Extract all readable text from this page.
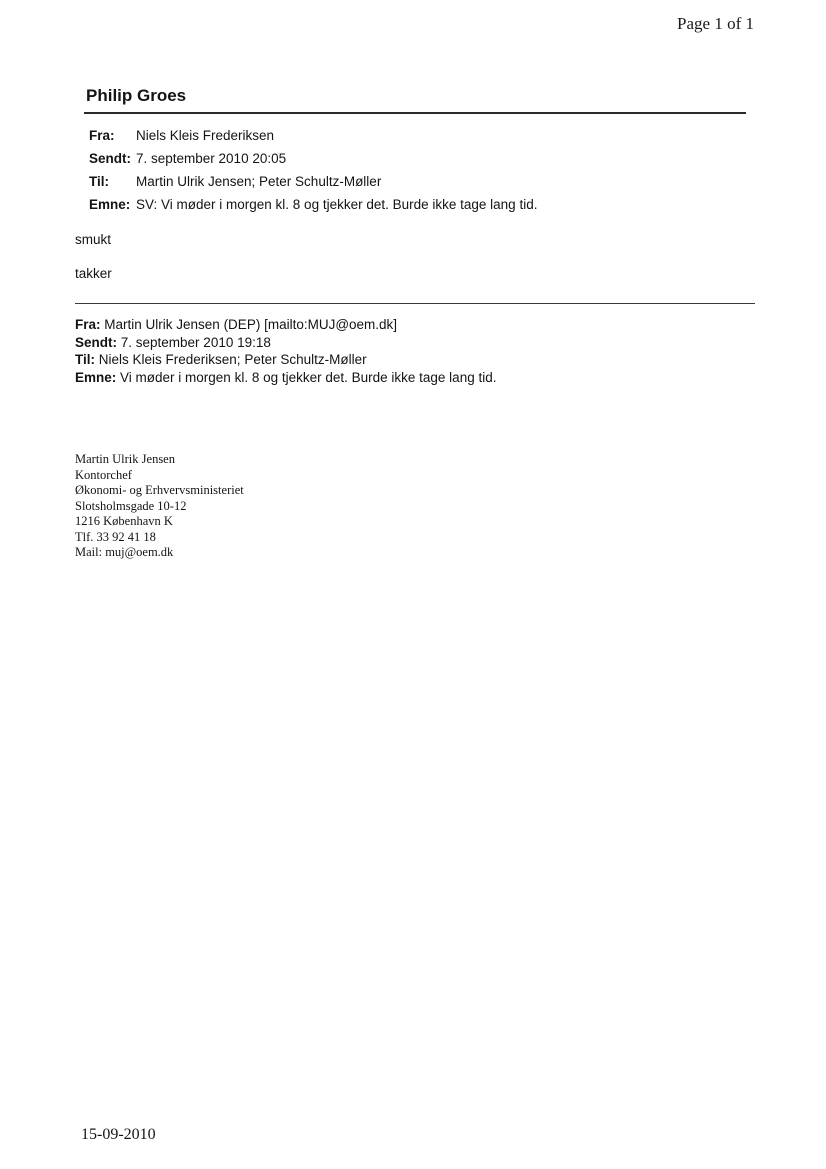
Page 1 of 1
Philip Groes
Fra:	Niels Kleis Frederiksen
Sendt: 7. september 2010 20:05
Til:	Martin Ulrik Jensen; Peter Schultz-Møller
Emne: SV: Vi møder i morgen kl. 8 og tjekker det. Burde ikke tage lang tid.
smukt
takker
Fra: Martin Ulrik Jensen (DEP) [mailto:MUJ@oem.dk]
Sendt: 7. september 2010 19:18
Til: Niels Kleis Frederiksen; Peter Schultz-Møller
Emne: Vi møder i morgen kl. 8 og tjekker det. Burde ikke tage lang tid.
Martin Ulrik Jensen
Kontorchef
Økonomi- og Erhvervsministeriet
Slotsholmsgade 10-12
1216 København K
Tlf. 33 92 41 18
Mail: muj@oem.dk
15-09-2010
